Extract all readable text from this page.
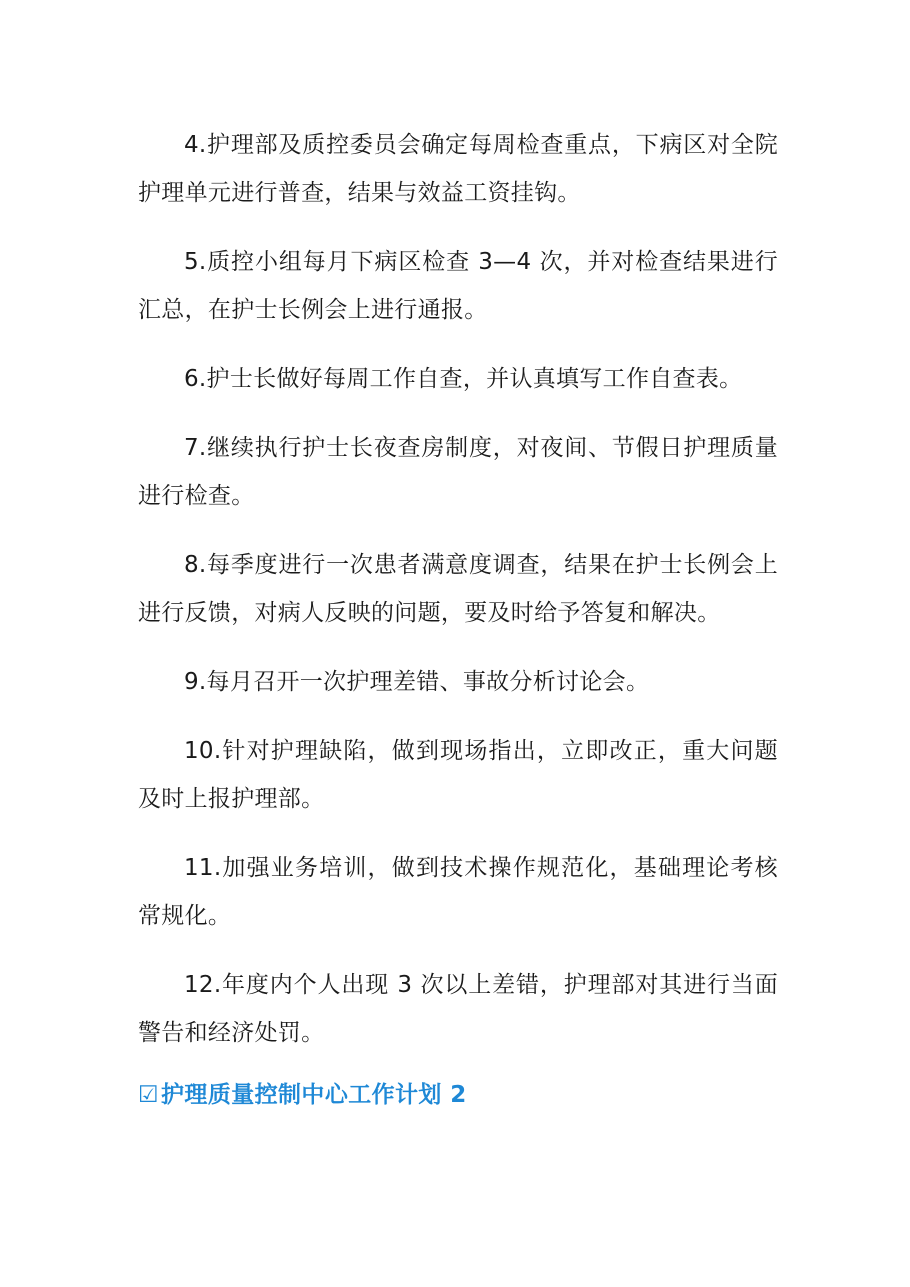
4.护理部及质控委员会确定每周检查重点，下病区对全院护理单元进行普查，结果与效益工资挂钩。

5.质控小组每月下病区检查 3—4 次，并对检查结果进行汇总，在护士长例会上进行通报。

6.护士长做好每周工作自查，并认真填写工作自查表。

7.继续执行护士长夜查房制度，对夜间、节假日护理质量进行检查。

8.每季度进行一次患者满意度调查，结果在护士长例会上进行反馈，对病人反映的问题，要及时给予答复和解决。

9.每月召开一次护理差错、事故分析讨论会。

10.针对护理缺陷，做到现场指出，立即改正，重大问题及时上报护理部。

11.加强业务培训，做到技术操作规范化，基础理论考核常规化。

12.年度内个人出现 3 次以上差错，护理部对其进行当面警告和经济处罚。

☑护理质量控制中心工作计划 2
